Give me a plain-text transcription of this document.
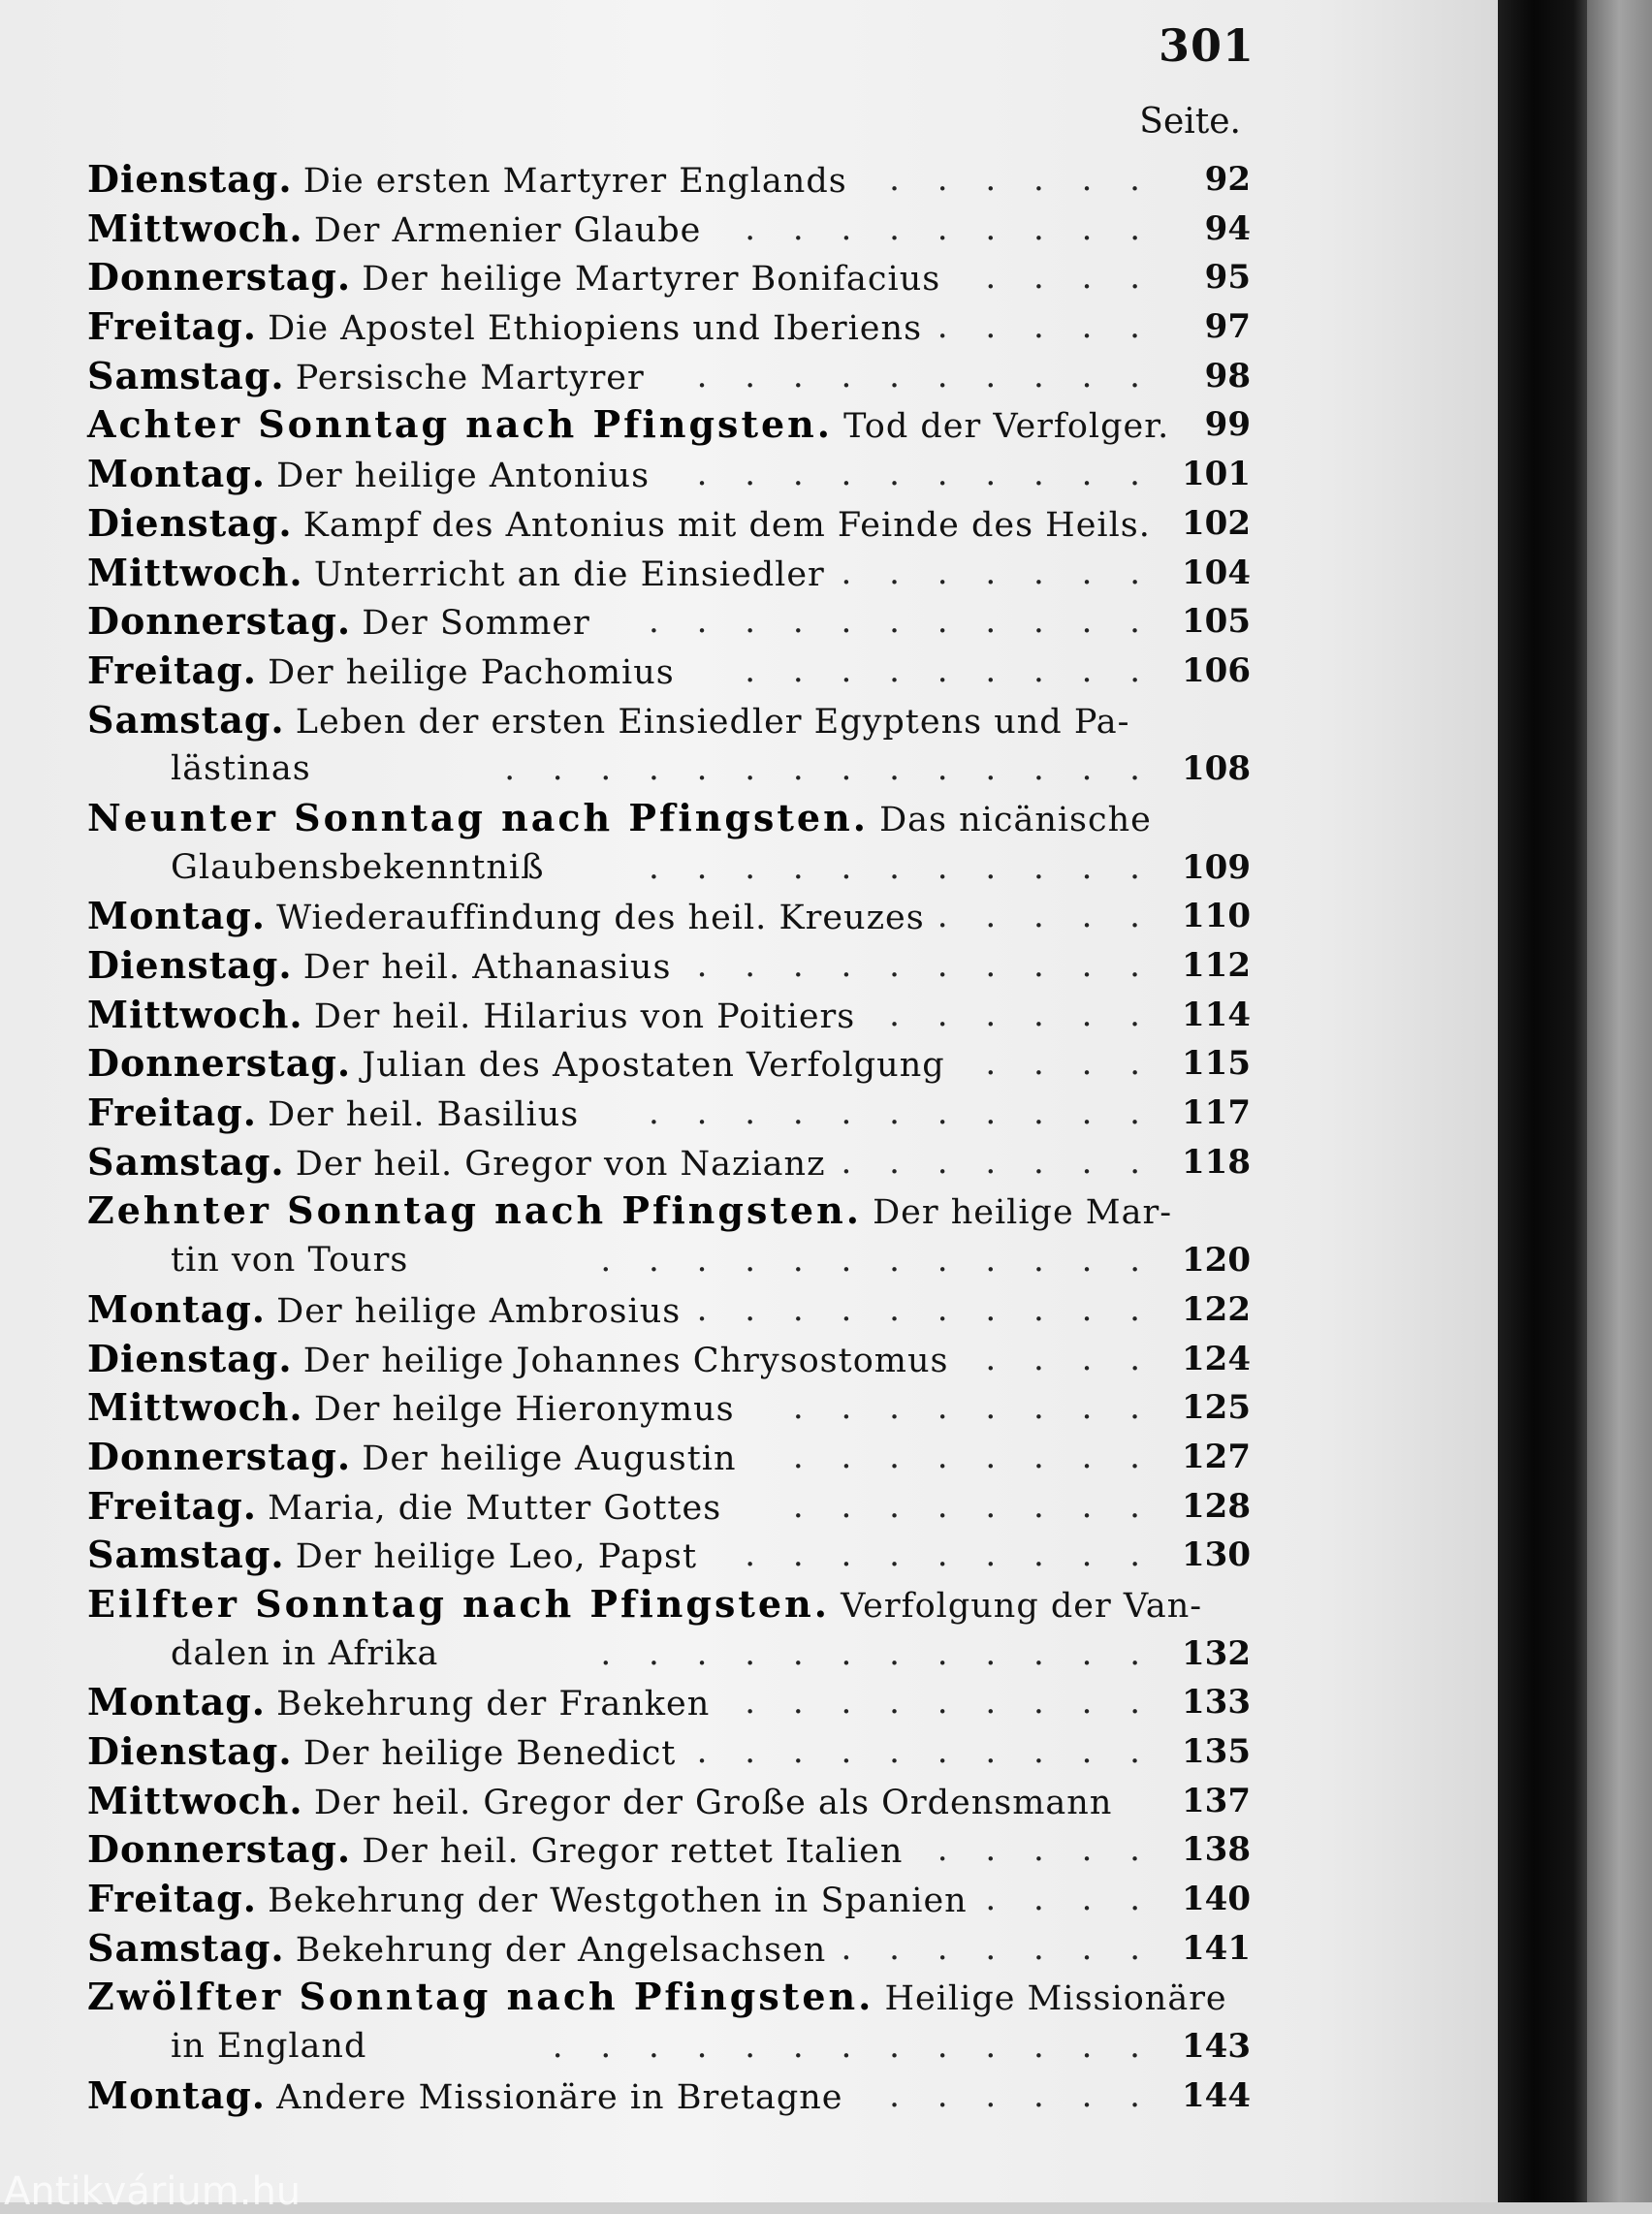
301
Seite.
Dienstag. Die ersten Martyrer Englands . . . . . .	92
Mittwoch. Der Armenier Glaube . . . . . . . . .	94
Donnerstag. Der heilige Martyrer Bonifacius . . . .	95
Freitag. Die Apostel Ethiopiens und Iberiens . . . . .	97
Samstag. Persische Martyrer . . . . . . . . . .	98
Achter Sonntag nach Pfingsten. Tod der Verfolger.	99
Montag. Der heilige Antonius . . . . . . . . . . 101
Dienstag. Kampf des Antonius mit dem Feinde des Heils. 102
Mittwoch. Unterricht an die Einsiedler . . . . . . . 104
Donnerstag. Der Sommer . . . . . . . . . . . 105
Freitag. Der heilige Pachomius . . . . . . . . . 106
Samstag. Leben der ersten Einsiedler Egyptens und Pa-
lästinas	. . . . . . . . . . . . . . 108
Neunter Sonntag nach Pfingsten. Das nicänische
Glaubensbekenntniß	. . . . . . . . . . . 109
Montag. Wiederauffindung des heil. Kreuzes . . . . . 110
Dienstag. Der heil. Athanasius . . . . . . . . . . 112
Mittwoch. Der heil. Hilarius von Poitiers . . . . . . 114
Donnerstag. Julian des Apostaten Verfolgung . . . . 115
Freitag. Der heil. Basilius . . . . . . . . . . . 117
Samstag. Der heil. Gregor von Nazianz . . . . . . . 118
Zehnter Sonntag nach Pfingsten. Der heilige Mar-
tin von Tours	. . . . . . . . . . . . 120
Montag. Der heilige Ambrosius . . . . . . . . . . 122
Dienstag. Der heilige Johannes Chrysostomus . . . . 124
Mittwoch. Der heilge Hieronymus . . . . . . . . 125
Donnerstag. Der heilige Augustin . . . . . . . . 127
Freitag. Maria, die Mutter Gottes . . . . . . . . 128
Samstag. Der heilige Leo, Papst . . . . . . . . . 130
Eilfter Sonntag nach Pfingsten. Verfolgung der Van-
dalen in Afrika	. . . . . . . . . . . . 132
Montag. Bekehrung der Franken . . . . . . . . . 133
Dienstag. Der heilige Benedict . . . . . . . . . . 135
Mittwoch. Der heil. Gregor der Große als Ordensmann	137
Donnerstag. Der heil. Gregor rettet Italien . . . . . 138
Freitag. Bekehrung der Westgothen in Spanien . . . . 140
Samstag. Bekehrung der Angelsachsen . . . . . . . 141
Zwölfter Sonntag nach Pfingsten. Heilige Missionäre
in England	. . . . . . . . . . . . . 143
Montag. Andere Missionäre in Bretagne . . . . . . 144
Antikvárium.hu
